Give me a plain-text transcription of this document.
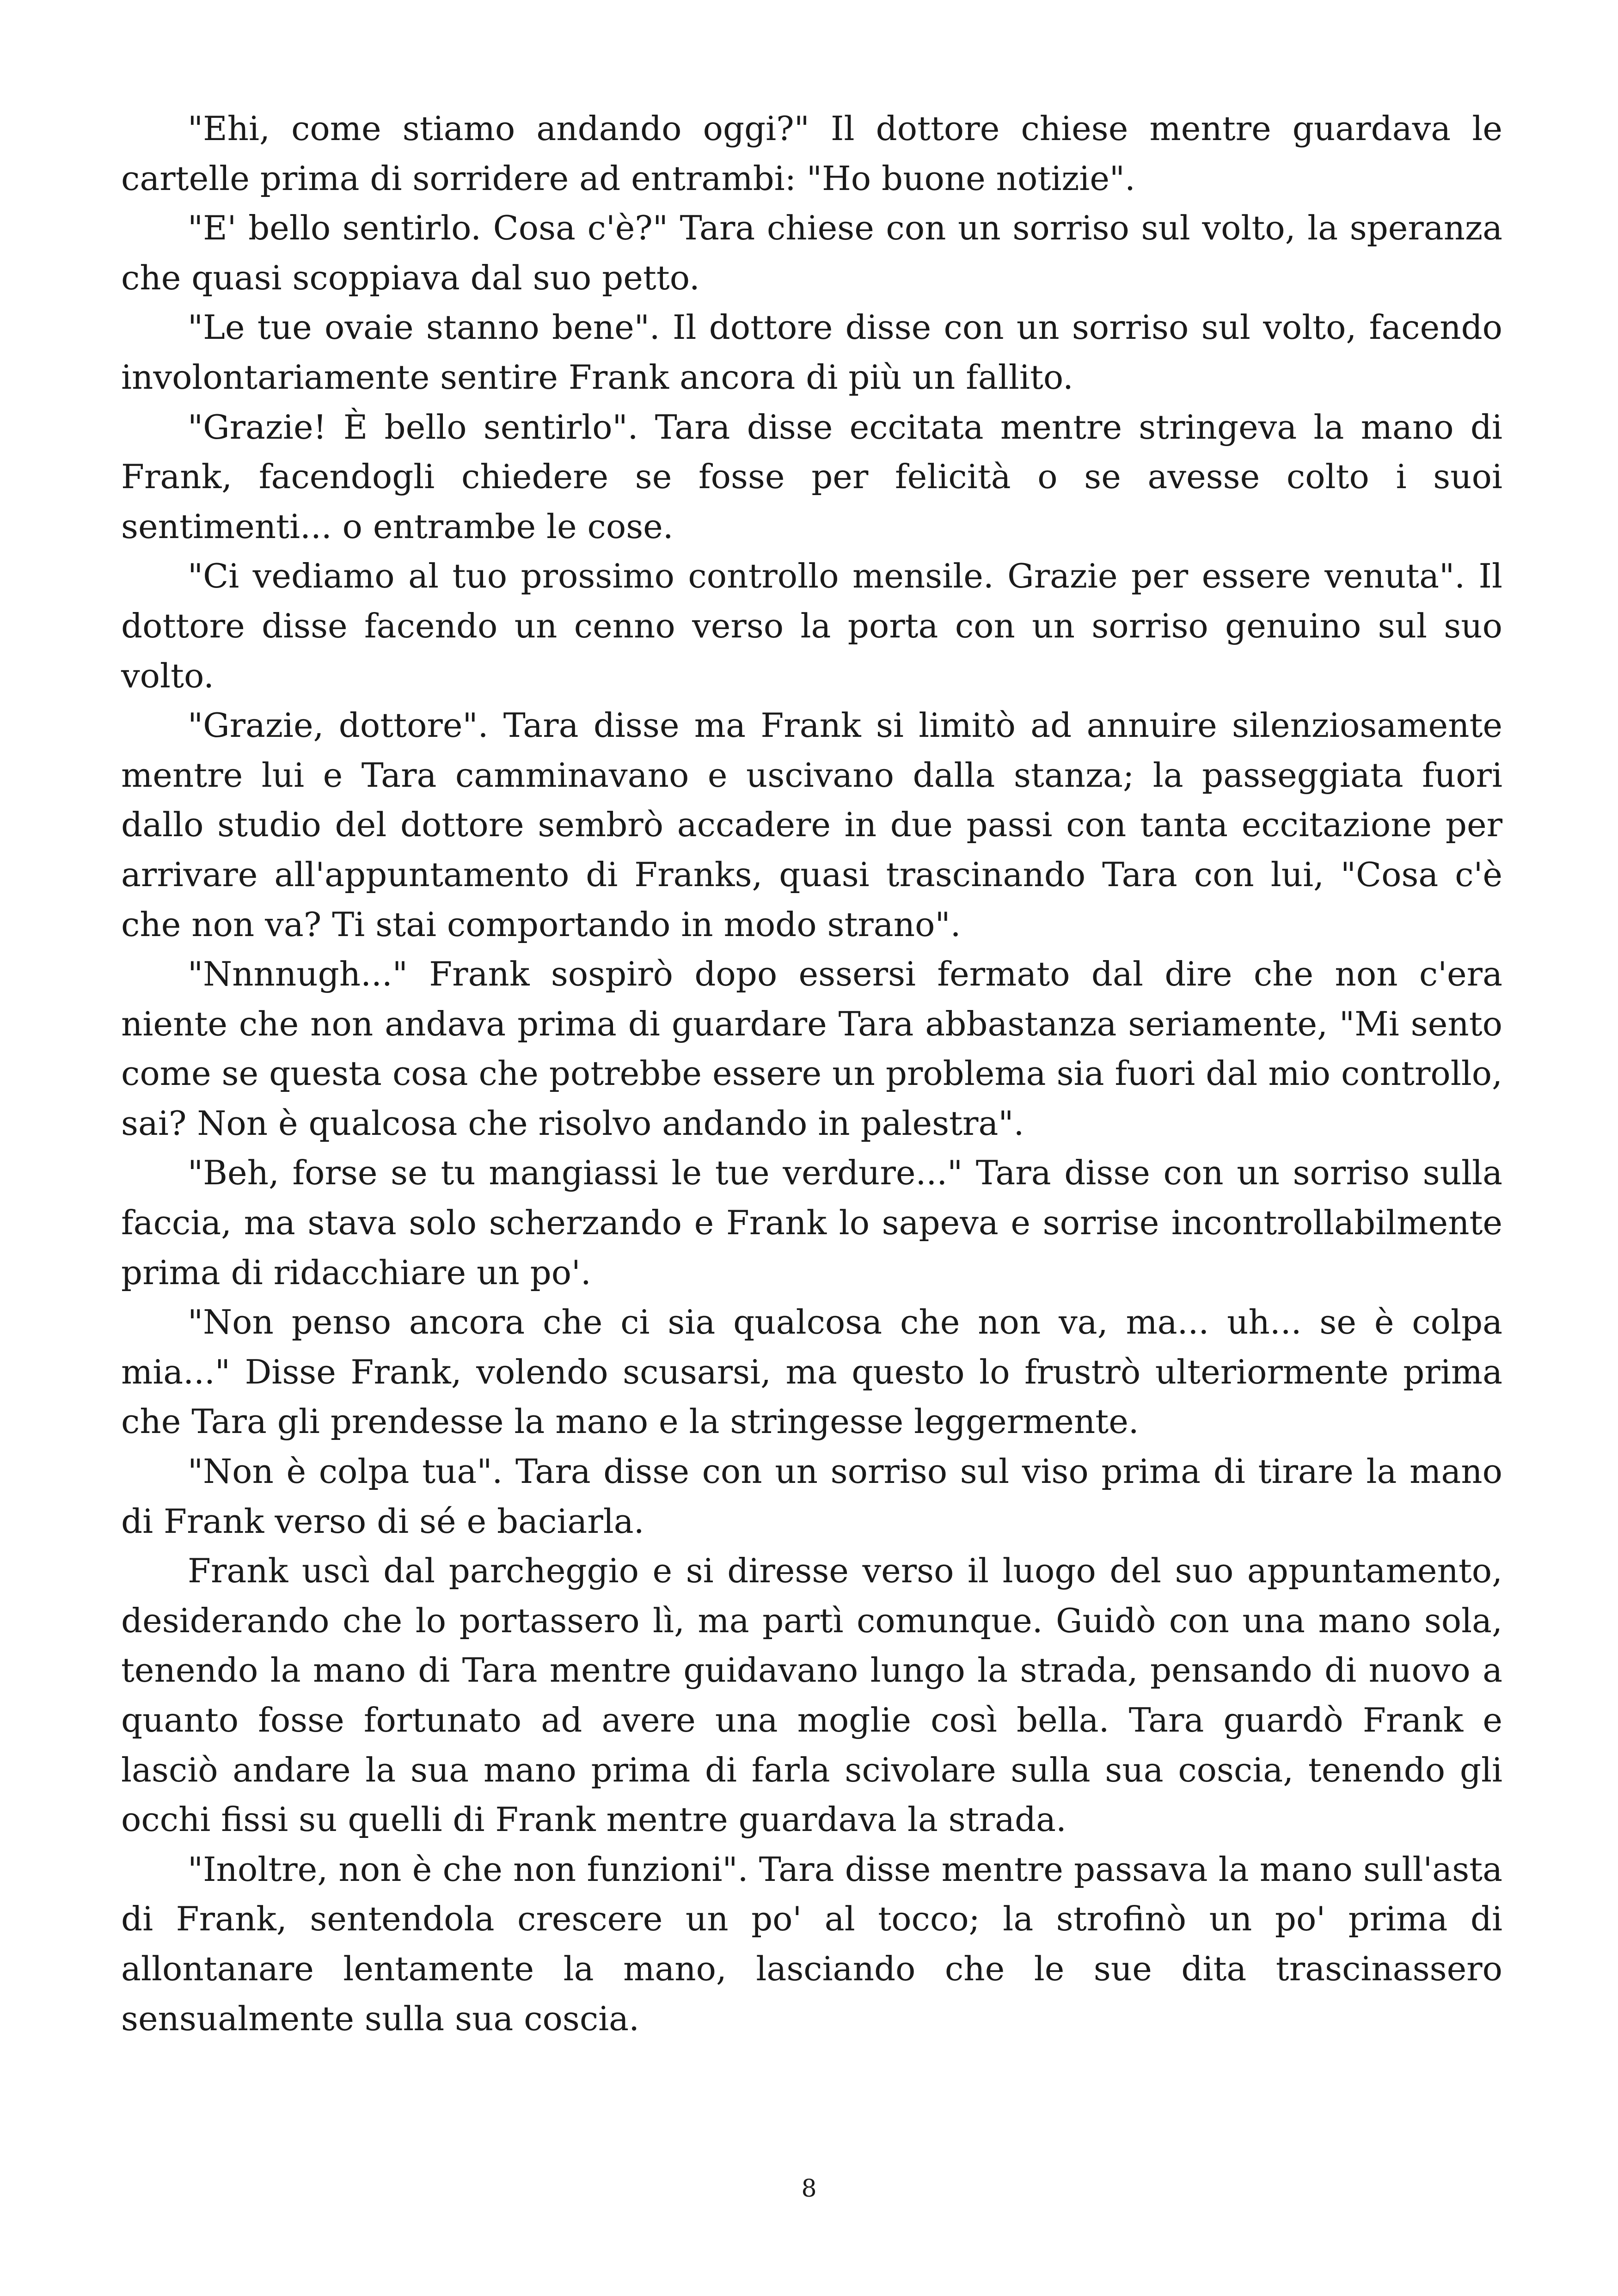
"Ehi, come stiamo andando oggi?" Il dottore chiese mentre guardava le cartelle prima di sorridere ad entrambi: "Ho buone notizie".

"E' bello sentirlo. Cosa c'è?" Tara chiese con un sorriso sul volto, la speranza che quasi scoppiava dal suo petto.

"Le tue ovaie stanno bene". Il dottore disse con un sorriso sul volto, facendo involontariamente sentire Frank ancora di più un fallito.

"Grazie! È bello sentirlo". Tara disse eccitata mentre stringeva la mano di Frank, facendogli chiedere se fosse per felicità o se avesse colto i suoi sentimenti... o entrambe le cose.

"Ci vediamo al tuo prossimo controllo mensile. Grazie per essere venuta". Il dottore disse facendo un cenno verso la porta con un sorriso genuino sul suo volto.

"Grazie, dottore". Tara disse ma Frank si limitò ad annuire silenziosamente mentre lui e Tara camminavano e uscivano dalla stanza; la passeggiata fuori dallo studio del dottore sembrò accadere in due passi con tanta eccitazione per arrivare all'appuntamento di Franks, quasi trascinando Tara con lui, "Cosa c'è che non va? Ti stai comportando in modo strano".

"Nnnnugh..." Frank sospirò dopo essersi fermato dal dire che non c'era niente che non andava prima di guardare Tara abbastanza seriamente, "Mi sento come se questa cosa che potrebbe essere un problema sia fuori dal mio controllo, sai? Non è qualcosa che risolvo andando in palestra".

"Beh, forse se tu mangiassi le tue verdure..." Tara disse con un sorriso sulla faccia, ma stava solo scherzando e Frank lo sapeva e sorrise incontrollabilmente prima di ridacchiare un po'.

"Non penso ancora che ci sia qualcosa che non va, ma... uh... se è colpa mia..." Disse Frank, volendo scusarsi, ma questo lo frustrò ulteriormente prima che Tara gli prendesse la mano e la stringesse leggermente.

"Non è colpa tua". Tara disse con un sorriso sul viso prima di tirare la mano di Frank verso di sé e baciarla.

Frank uscì dal parcheggio e si diresse verso il luogo del suo appuntamento, desiderando che lo portassero lì, ma partì comunque. Guidò con una mano sola, tenendo la mano di Tara mentre guidavano lungo la strada, pensando di nuovo a quanto fosse fortunato ad avere una moglie così bella. Tara guardò Frank e lasciò andare la sua mano prima di farla scivolare sulla sua coscia, tenendo gli occhi fissi su quelli di Frank mentre guardava la strada.

"Inoltre, non è che non funzioni". Tara disse mentre passava la mano sull'asta di Frank, sentendola crescere un po' al tocco; la strofinò un po' prima di allontanare lentamente la mano, lasciando che le sue dita trascinassero sensualmente sulla sua coscia.

8
